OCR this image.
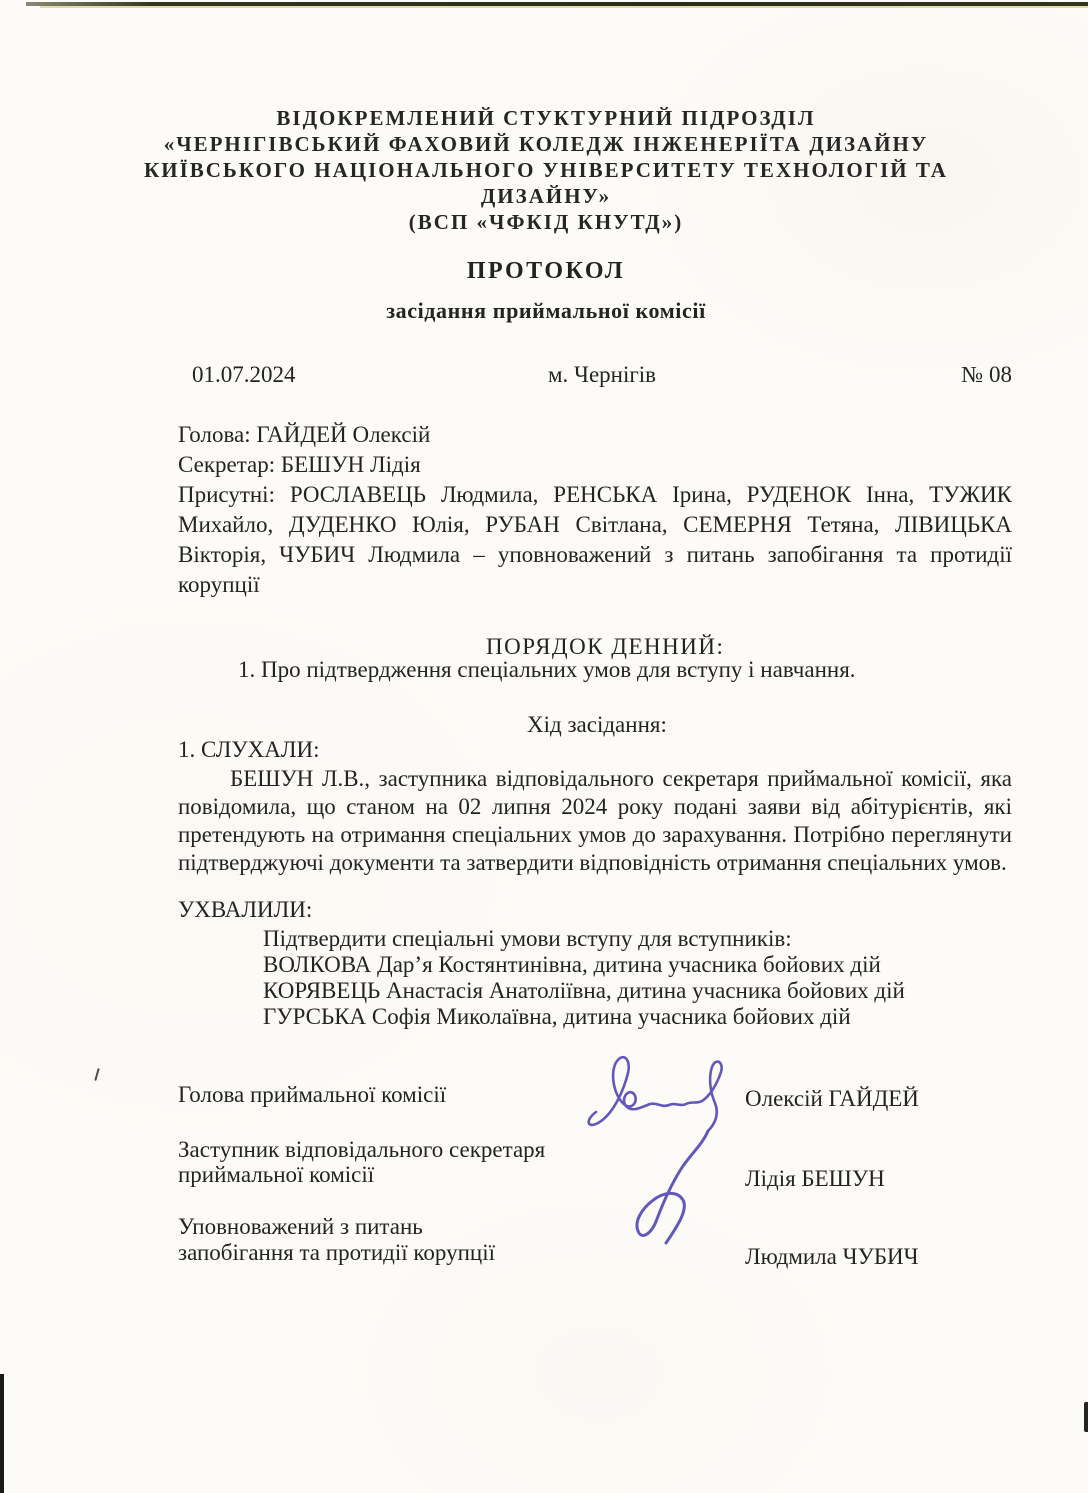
ВІДОКРЕМЛЕНИЙ СТУКТУРНИЙ ПІДРОЗДІЛ
«ЧЕРНІГІВСЬКИЙ ФАХОВИЙ КОЛЕДЖ ІНЖЕНЕРІЇТА ДИЗАЙНУ
КИЇВСЬКОГО НАЦІОНАЛЬНОГО УНІВЕРСИТЕТУ ТЕХНОЛОГІЙ ТА
ДИЗАЙНУ»
(ВСП «ЧФКІД КНУТД»)
ПРОТОКОЛ
засідання приймальної комісії
01.07.2024	м. Чернігів	№ 08
Голова: ГАЙДЕЙ Олексій
Секретар: БЕШУН Лідія

Присутні: РОСЛАВЕЦЬ Людмила, РЕНСЬКА Ірина, РУДЕНОК Інна, ТУЖИК Михайло, ДУДЕНКО Юлія, РУБАН Світлана, СЕМЕРНЯ Тетяна, ЛІВИЦЬКА Вікторія, ЧУБИЧ Людмила – уповноважений з питань запобігання та протидії корупції

ПОРЯДОК ДЕННИЙ:
1. Про підтвердження спеціальних умов для вступу і навчання.
Хід засідання:
1. СЛУХАЛИ:

БЕШУН Л.В., заступника відповідального секретаря приймальної комісії, яка повідомила, що станом на 02 липня 2024 року подані заяви від абітурієнтів, які претендують на отримання спеціальних умов до зарахування. Потрібно переглянути підтверджуючі документи та затвердити відповідність отримання спеціальних умов.

УХВАЛИЛИ:
Підтвердити спеціальні умови вступу для вступників:
ВОЛКОВА Дар’я Костянтинівна, дитина учасника бойових дій
КОРЯВЕЦЬ Анастасія Анатоліївна, дитина учасника бойових дій
ГУРСЬКА Софія Миколаївна, дитина учасника бойових дій
Голова приймальної комісії	Олексій ГАЙДЕЙ
Заступник відповідального секретаря
приймальної комісії	Лідія БЕШУН
Уповноважений з питань
запобігання та протидії корупції	Людмила ЧУБИЧ
